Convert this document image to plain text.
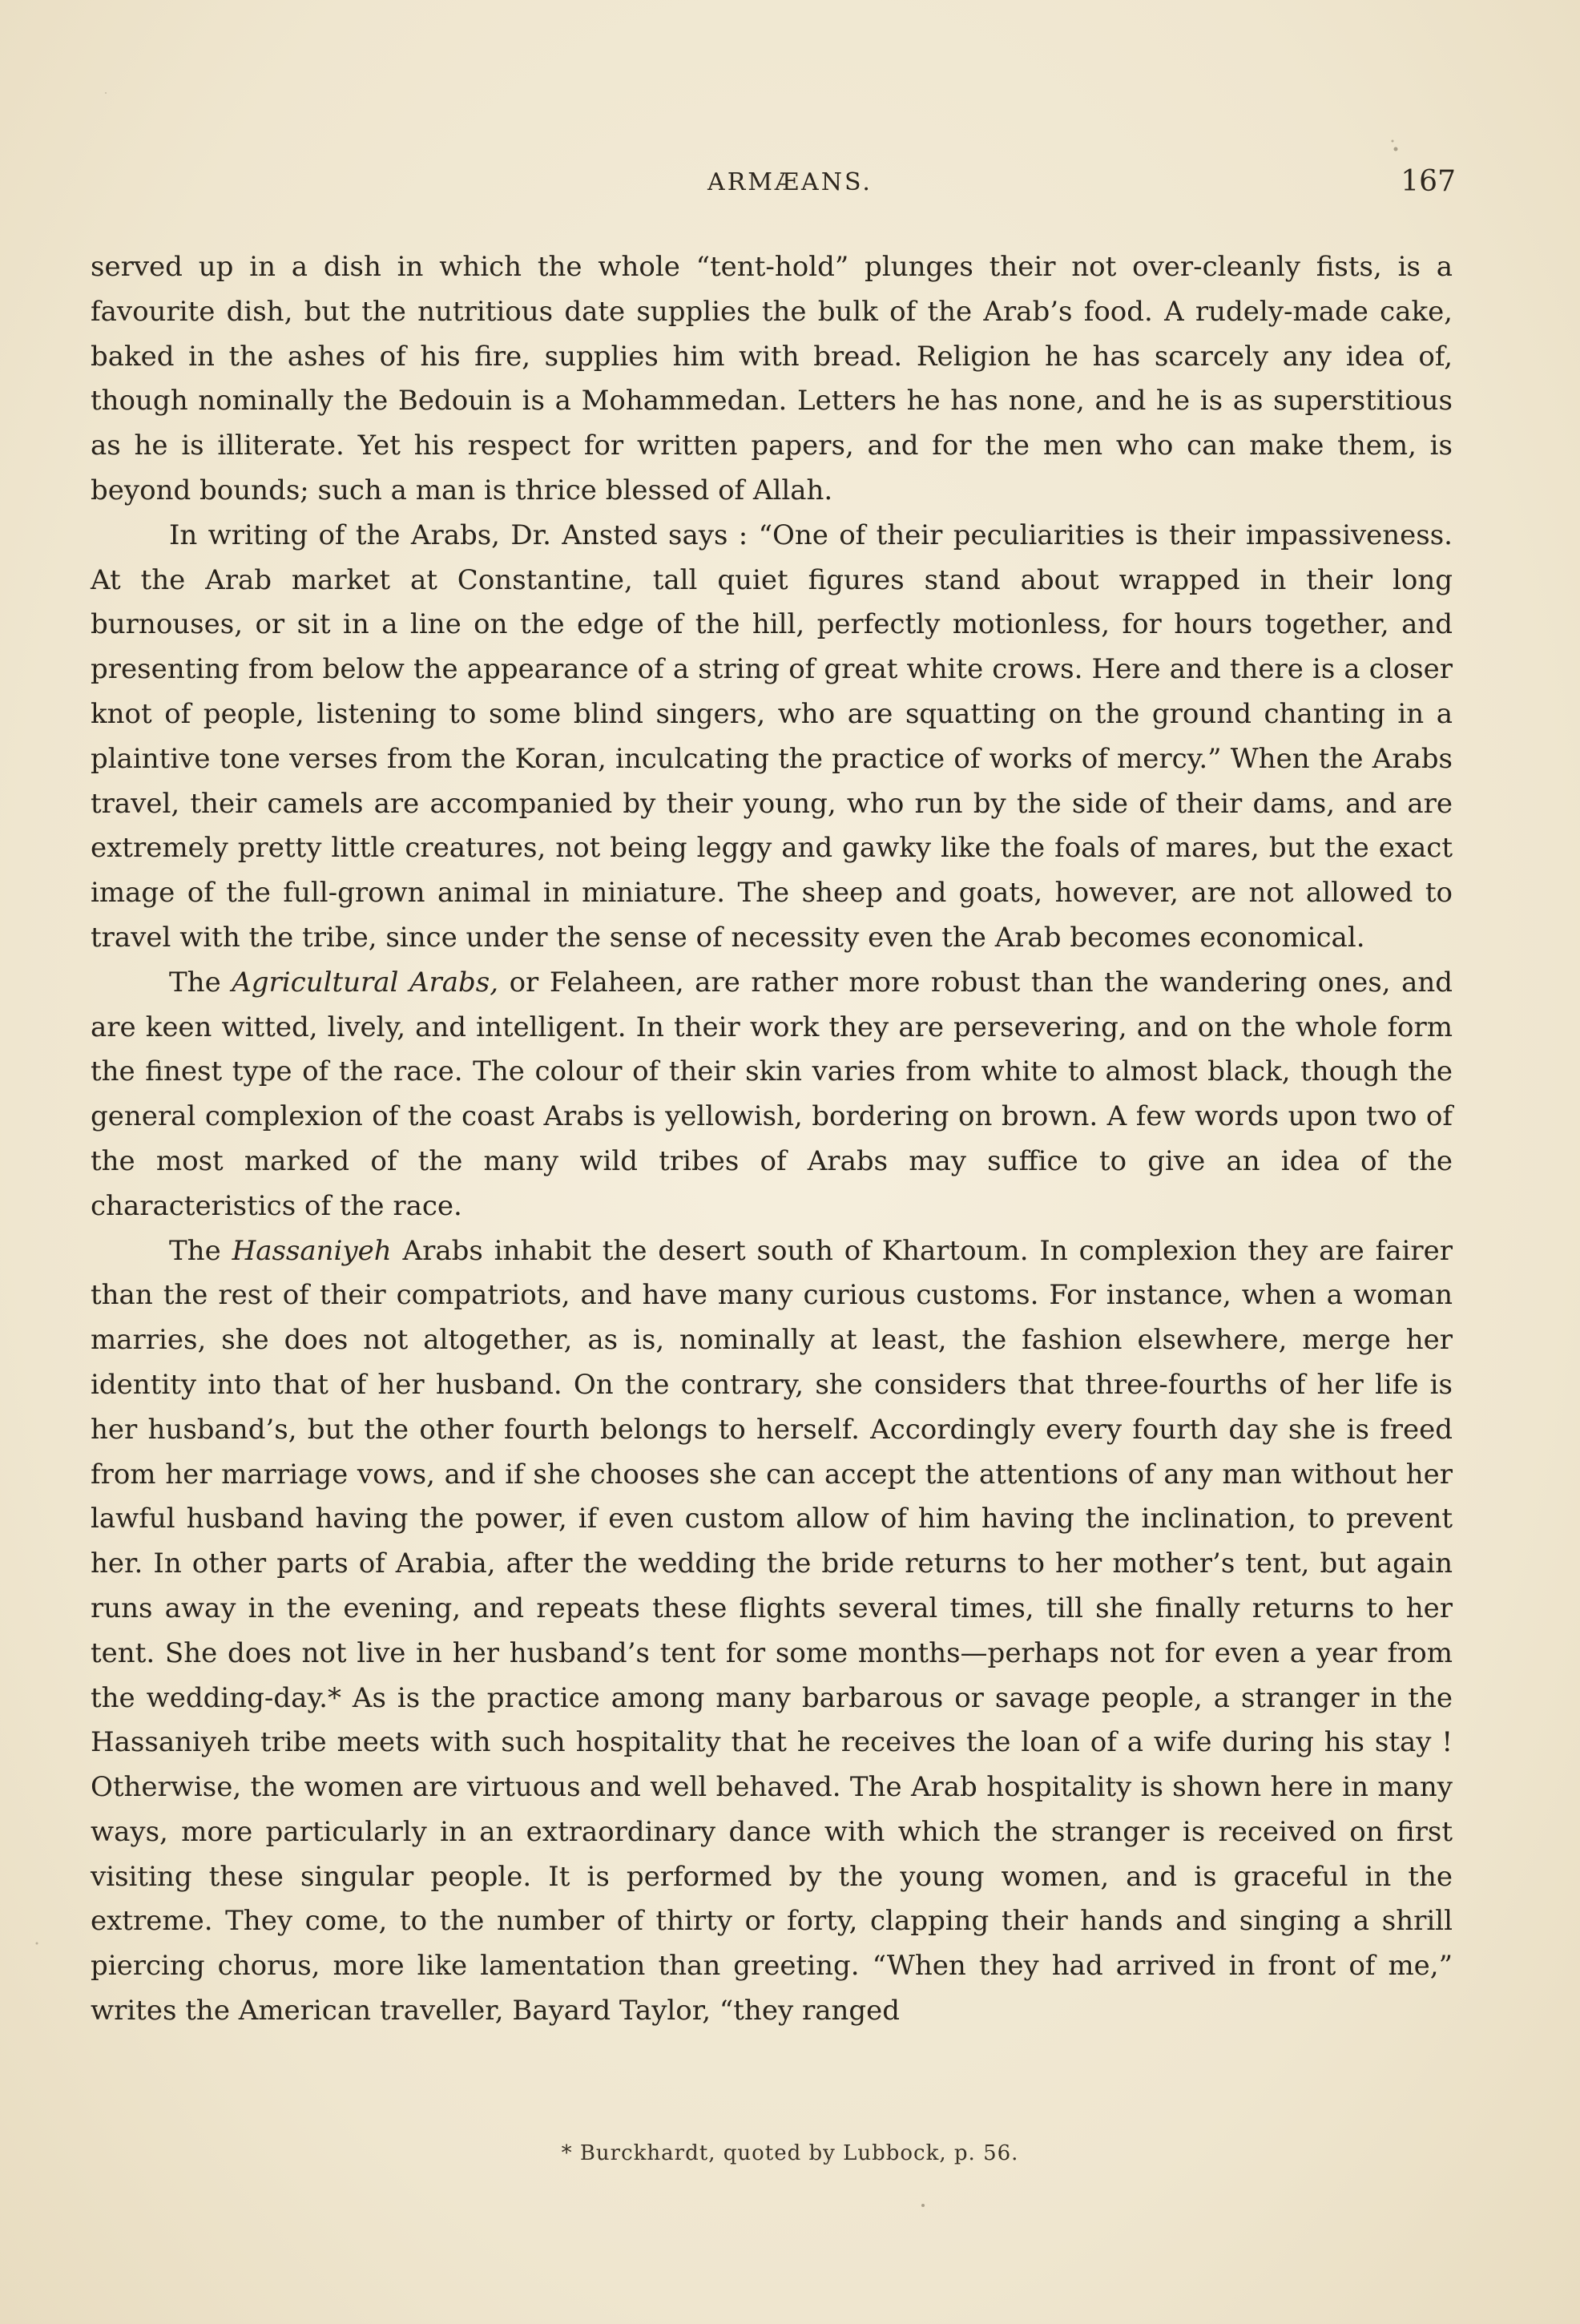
ARMÆANS.	167

served up in a dish in which the whole “tent-hold” plunges their not over-cleanly fists, is a favourite dish, but the nutritious date supplies the bulk of the Arab’s food. A rudely-made cake, baked in the ashes of his fire, supplies him with bread. Religion he has scarcely any idea of, though nominally the Bedouin is a Mohammedan. Letters he has none, and he is as superstitious as he is illiterate. Yet his respect for written papers, and for the men who can make them, is beyond bounds; such a man is thrice blessed of Allah.

In writing of the Arabs, Dr. Ansted says : “One of their peculiarities is their impassiveness. At the Arab market at Constantine, tall quiet figures stand about wrapped in their long burnouses, or sit in a line on the edge of the hill, perfectly motionless, for hours together, and presenting from below the appearance of a string of great white crows. Here and there is a closer knot of people, listening to some blind singers, who are squatting on the ground chanting in a plaintive tone verses from the Koran, inculcating the practice of works of mercy.” When the Arabs travel, their camels are accompanied by their young, who run by the side of their dams, and are extremely pretty little creatures, not being leggy and gawky like the foals of mares, but the exact image of the full-grown animal in miniature. The sheep and goats, however, are not allowed to travel with the tribe, since under the sense of necessity even the Arab becomes economical.

The Agricultural Arabs, or Felaheen, are rather more robust than the wandering ones, and are keen witted, lively, and intelligent. In their work they are persevering, and on the whole form the finest type of the race. The colour of their skin varies from white to almost black, though the general complexion of the coast Arabs is yellowish, bordering on brown. A few words upon two of the most marked of the many wild tribes of Arabs may suffice to give an idea of the characteristics of the race.

The Hassaniyeh Arabs inhabit the desert south of Khartoum. In complexion they are fairer than the rest of their compatriots, and have many curious customs. For instance, when a woman marries, she does not altogether, as is, nominally at least, the fashion elsewhere, merge her identity into that of her husband. On the contrary, she considers that three-fourths of her life is her husband’s, but the other fourth belongs to herself. Accordingly every fourth day she is freed from her marriage vows, and if she chooses she can accept the attentions of any man without her lawful husband having the power, if even custom allow of him having the inclination, to prevent her. In other parts of Arabia, after the wedding the bride returns to her mother’s tent, but again runs away in the evening, and repeats these flights several times, till she finally returns to her tent. She does not live in her husband’s tent for some months—perhaps not for even a year from the wedding-day.* As is the practice among many barbarous or savage people, a stranger in the Hassaniyeh tribe meets with such hospitality that he receives the loan of a wife during his stay ! Otherwise, the women are virtuous and well behaved. The Arab hospitality is shown here in many ways, more particularly in an extraordinary dance with which the stranger is received on first visiting these singular people. It is performed by the young women, and is graceful in the extreme. They come, to the number of thirty or forty, clapping their hands and singing a shrill piercing chorus, more like lamentation than greeting. “When they had arrived in front of me,” writes the American traveller, Bayard Taylor, “they ranged

* Burckhardt, quoted by Lubbock, p. 56.
